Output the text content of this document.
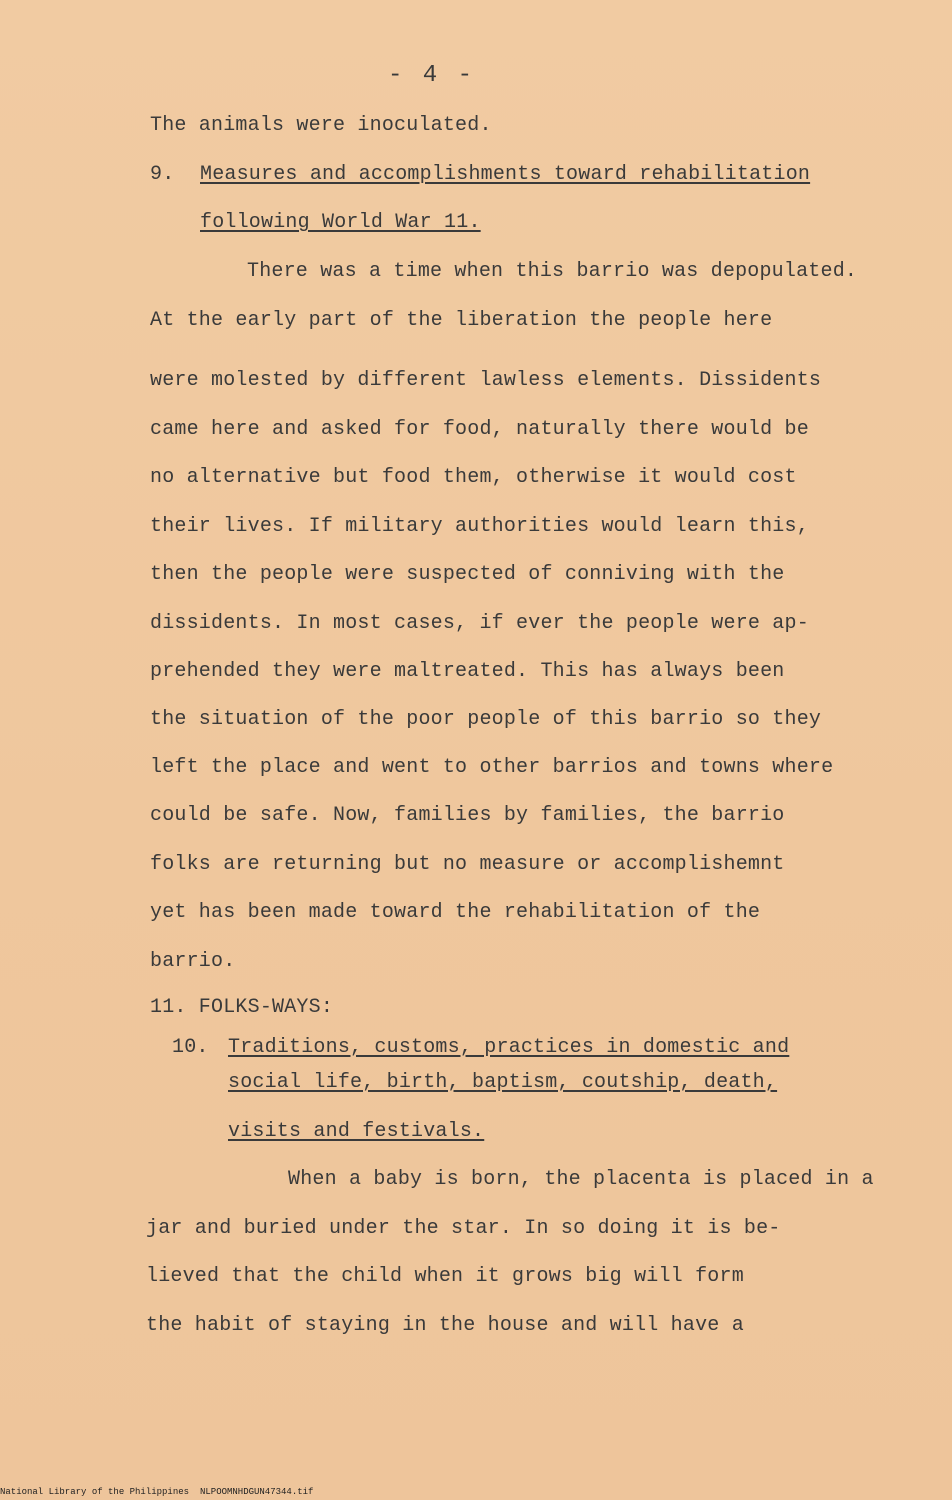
- 4 -
The animals were inoculated.
9. Measures and accomplishments toward rehabilitation
following World War 11.
There was a time when this barrio was depopulated.
At the early part of the liberation the people here
were molested by different lawless elements. Dissidents
came here and asked for food, naturally there would be
no alternative but food them, otherwise it would cost
their lives. If military authorities would learn this,
then the people were suspected of conniving with the
dissidents. In most cases, if ever the people were ap-
prehended they were maltreated. This has always been
the situation of the poor people of this barrio so they
left the place and went to other barrios and towns where
could be safe. Now, families by families, the barrio
folks are returning but no measure or accomplishemnt
yet has been made toward the rehabilitation of the
barrio.
11. FOLKS-WAYS:
10. Traditions, customs, practices in domestic and
social life, birth, baptism, coutship, death,
visits and festivals.
When a baby is born, the placenta is placed in a
jar and buried under the star. In so doing it is be-
lieved that the child when it grows big will form
the habit of staying in the house and will have a
National Library of the Philippines NLPOOMNHDGUN47344.tif
